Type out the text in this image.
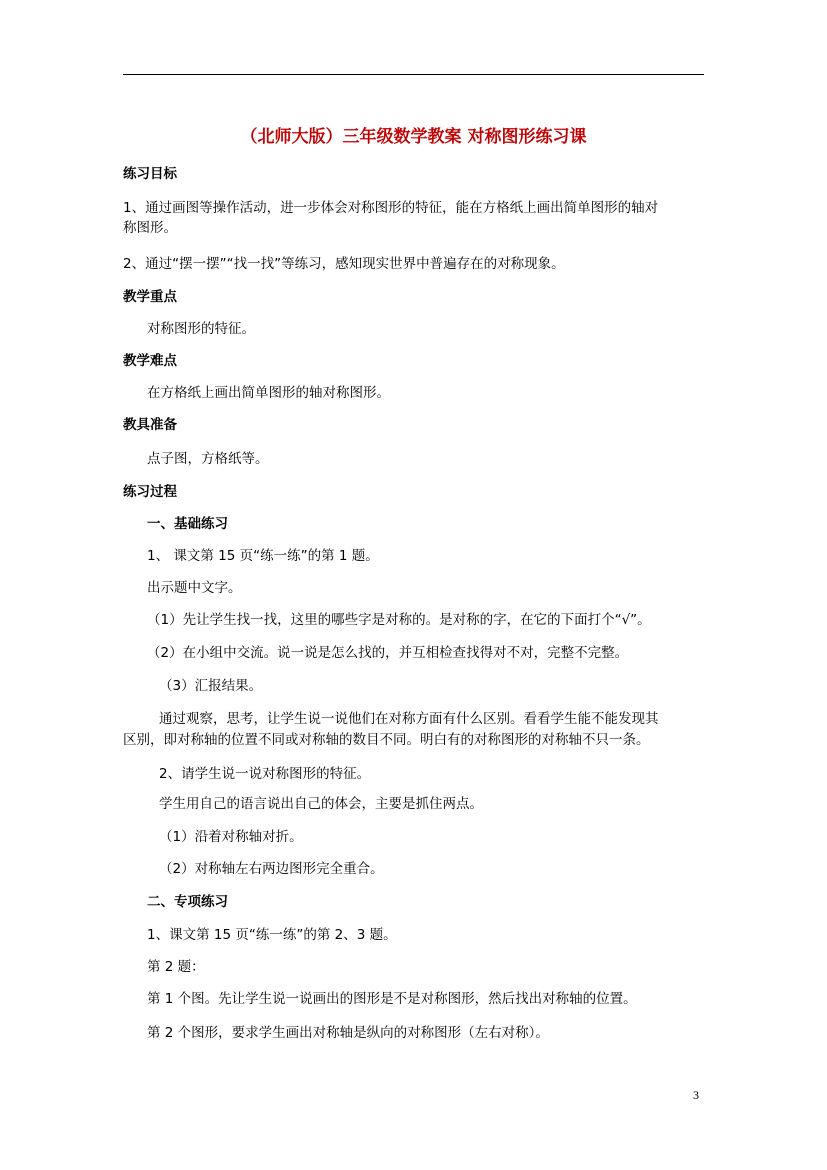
（北师大版）三年级数学教案 对称图形练习课
练习目标
1、通过画图等操作活动，进一步体会对称图形的特征，能在方格纸上画出简单图形的轴对
称图形。
2、通过“摆一摆”“找一找”等练习，感知现实世界中普遍存在的对称现象。
教学重点
对称图形的特征。
教学难点
在方格纸上画出简单图形的轴对称图形。
教具准备
点子图，方格纸等。
练习过程
一、基础练习
1、 课文第 15 页“练一练”的第 1 题。
出示题中文字。
（1）先让学生找一找，这里的哪些字是对称的。是对称的字，在它的下面打个“√”。
（2）在小组中交流。说一说是怎么找的，并互相检查找得对不对，完整不完整。
（3）汇报结果。
通过观察，思考，让学生说一说他们在对称方面有什么区别。看看学生能不能发现其
区别，即对称轴的位置不同或对称轴的数目不同。明白有的对称图形的对称轴不只一条。
2、请学生说一说对称图形的特征。
学生用自己的语言说出自己的体会，主要是抓住两点。
（1）沿着对称轴对折。
（2）对称轴左右两边图形完全重合。
二、专项练习
1、课文第 15 页“练一练”的第 2、3 题。
第 2 题：
第 1 个图。先让学生说一说画出的图形是不是对称图形，然后找出对称轴的位置。
第 2 个图形，要求学生画出对称轴是纵向的对称图形（左右对称）。
3
